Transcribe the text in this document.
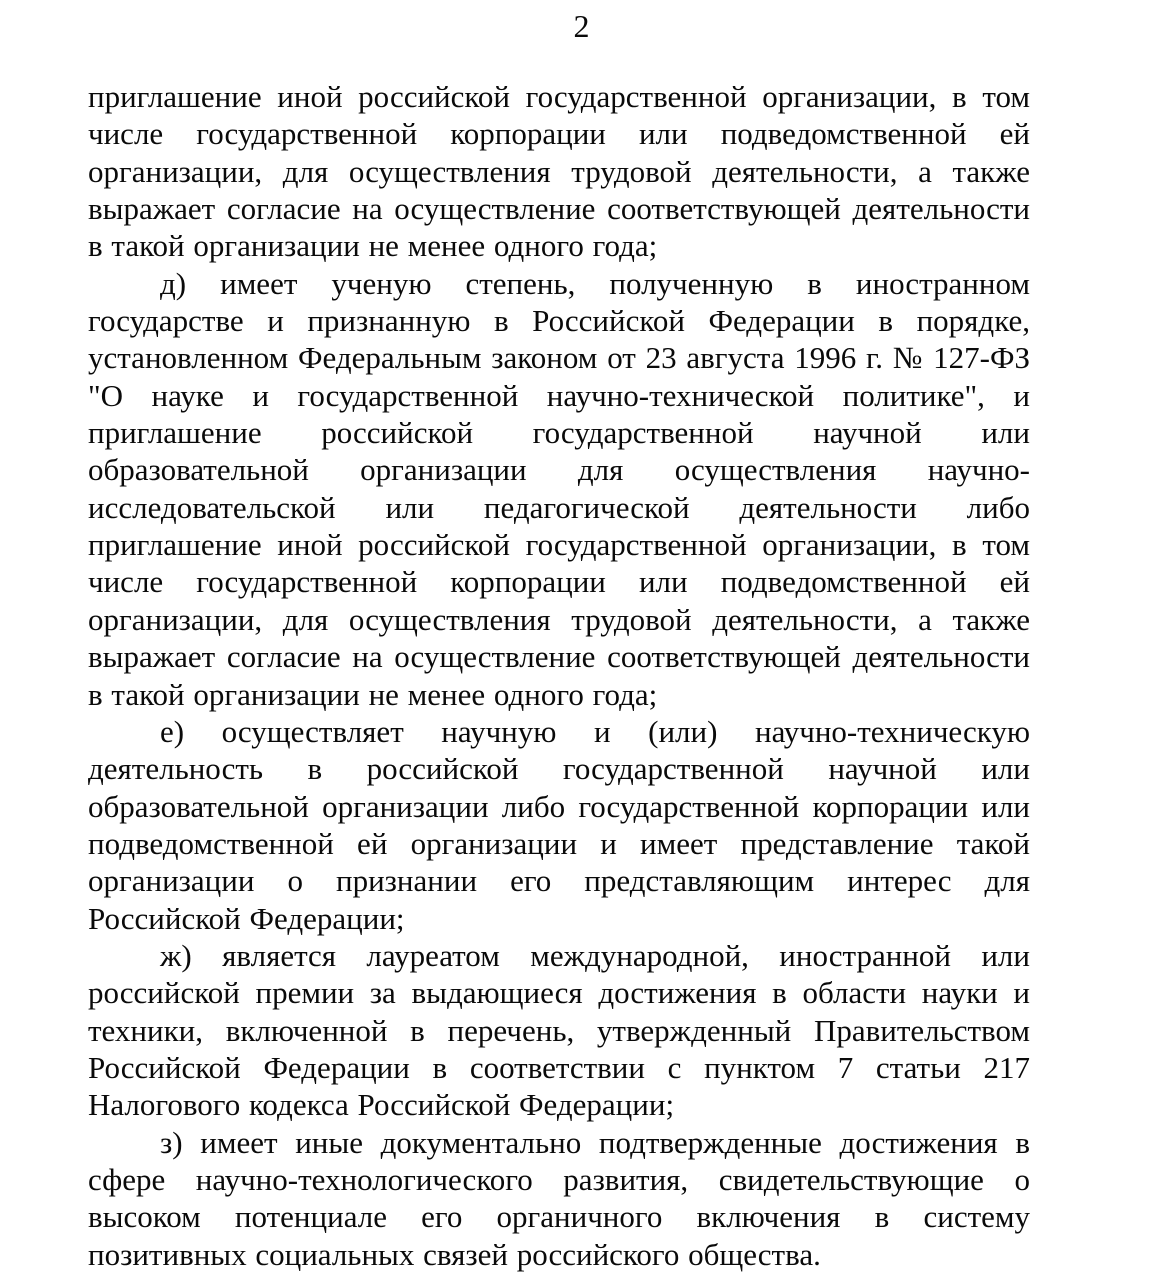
2

приглашение иной российской государственной организации, в том числе государственной корпорации или подведомственной ей организации, для осуществления трудовой деятельности, а также выражает согласие на осуществление соответствующей деятельности в такой организации не менее одного года;

д) имеет ученую степень, полученную в иностранном государстве и признанную в Российской Федерации в порядке, установленном Федеральным законом от 23 августа 1996 г. № 127-ФЗ "О науке и государственной научно-технической политике", и приглашение российской государственной научной или образовательной организации для осуществления научно-исследовательской или педагогической деятельности либо приглашение иной российской государственной организации, в том числе государственной корпорации или подведомственной ей организации, для осуществления трудовой деятельности, а также выражает согласие на осуществление соответствующей деятельности в такой организации не менее одного года;

е) осуществляет научную и (или) научно-техническую деятельность в российской государственной научной или образовательной организации либо государственной корпорации или подведомственной ей организации и имеет представление такой организации о признании его представляющим интерес для Российской Федерации;

ж) является лауреатом международной, иностранной или российской премии за выдающиеся достижения в области науки и техники, включенной в перечень, утвержденный Правительством Российской Федерации в соответствии с пунктом 7 статьи 217 Налогового кодекса Российской Федерации;

з) имеет иные документально подтвержденные достижения в сфере научно-технологического развития, свидетельствующие о высоком потенциале его органичного включения в систему позитивных социальных связей российского общества.
